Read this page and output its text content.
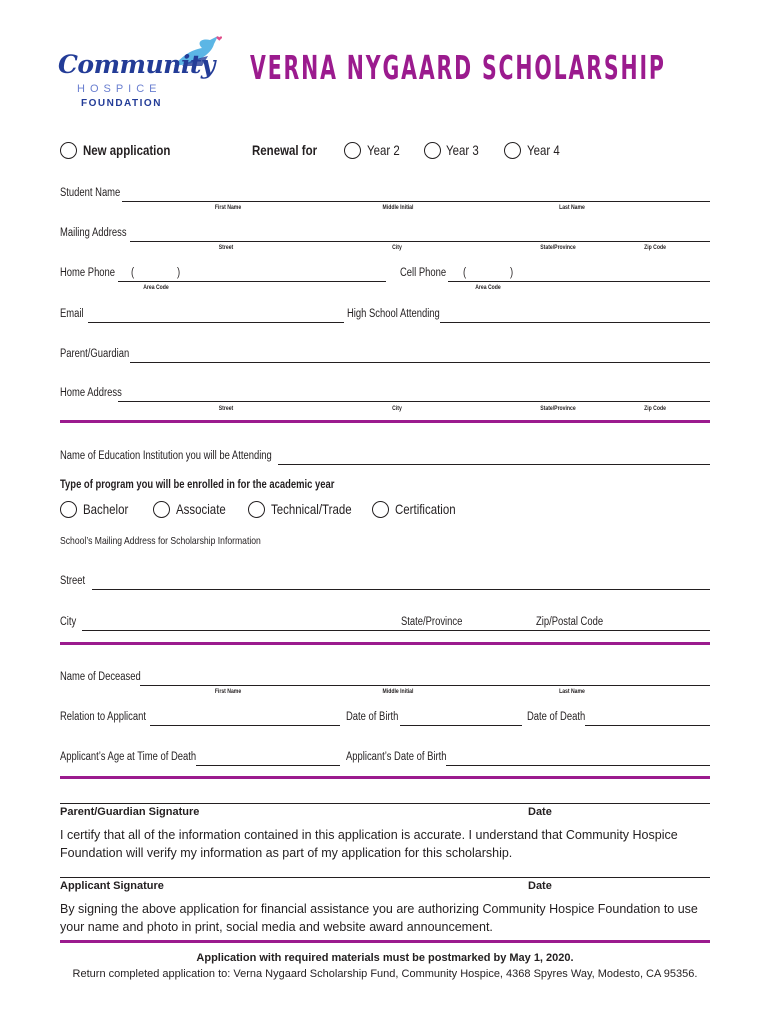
Community
HOSPICE
FOUNDATION
VERNA NYGAARD SCHOLARSHIP
New application	Renewal for	Year 2	Year 3	Year 4
Student Name
First Name	Middle Initial	Last Name
Mailing Address
Street	City	State/Province	Zip Code
Home Phone (	)
Area Code
Cell Phone (	)
Area Code
Email	High School Attending
Parent/Guardian
Home Address
Street	City	State/Province	Zip Code
Name of Education Institution you will be Attending
Type of program you will be enrolled in for the academic year
Bachelor	Associate	Technical/Trade	Certification
School’s Mailing Address for Scholarship Information
Street
City	State/Province	Zip/Postal Code
Name of Deceased
First Name	Middle Initial	Last Name
Relation to Applicant	Date of Birth	Date of Death
Applicant’s Age at Time of Death	Applicant’s Date of Birth
Parent/Guardian Signature	Date
I certify that all of the information contained in this application is accurate. I understand that Community Hospice Foundation will verify my information as part of my application for this scholarship.
Applicant Signature	Date
By signing the above application for financial assistance you are authorizing Community Hospice Foundation to use your name and photo in print, social media and website award announcement.
Application with required materials must be postmarked by May 1, 2020.
Return completed application to: Verna Nygaard Scholarship Fund, Community Hospice, 4368 Spyres Way, Modesto, CA 95356.
